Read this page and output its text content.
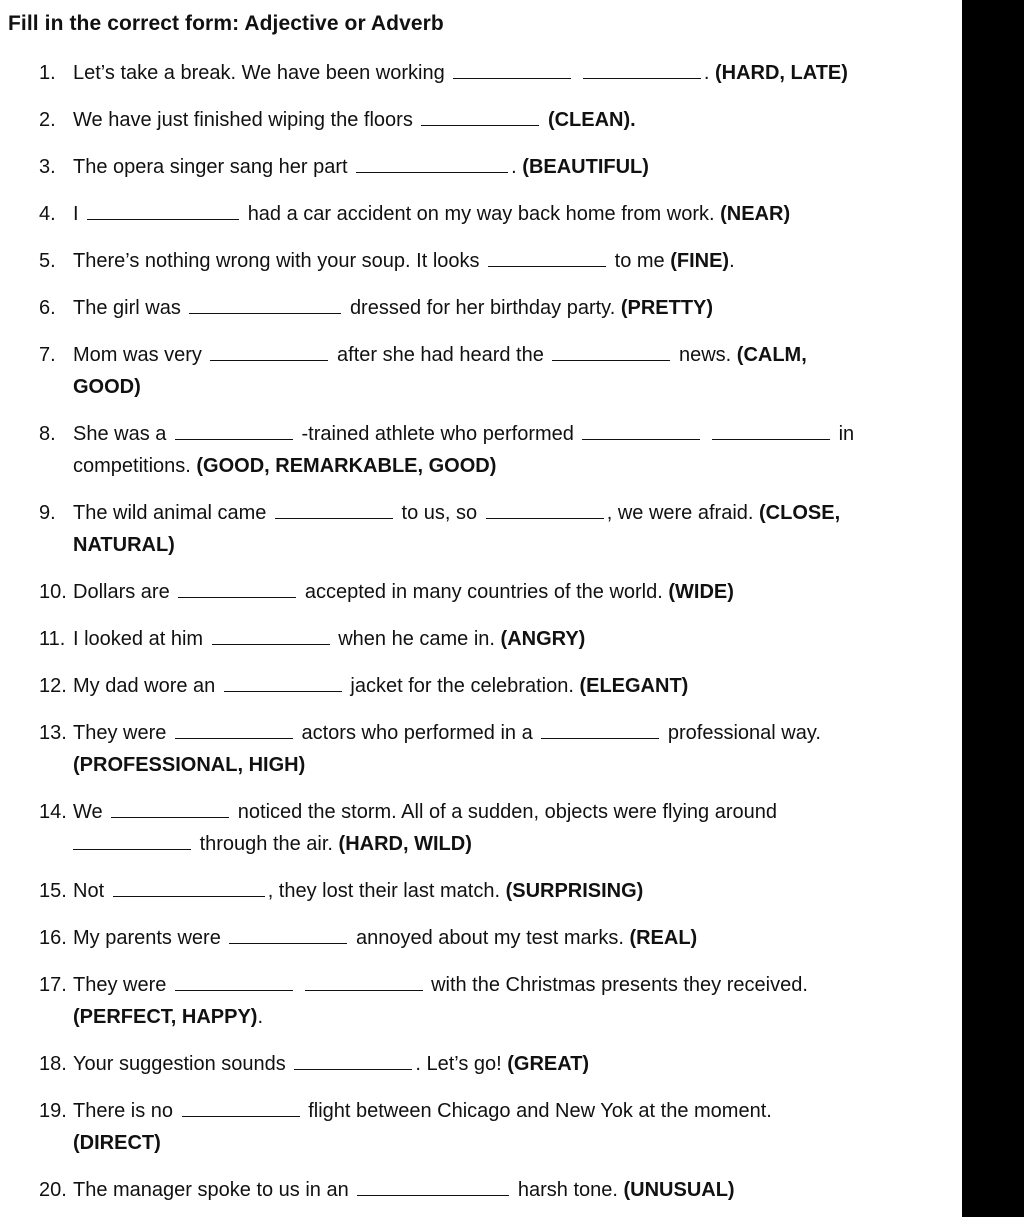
Fill in the correct form: Adjective or Adverb
1. Let’s take a break. We have been working	. (HARD, LATE)
2. We have just finished wiping the floors	(CLEAN).
3. The opera singer sang her part	. (BEAUTIFUL)
4. I	had a car accident on my way back home from work. (NEAR)
5. There’s nothing wrong with your soup. It looks	to me (FINE).
6. The girl was	dressed for her birthday party. (PRETTY)
7. Mom was very	after she had heard the	news. (CALM,
GOOD)
8. She was a	-trained athlete who performed	in
competitions. (GOOD, REMARKABLE, GOOD)
9. The wild animal came	to us, so	, we were afraid. (CLOSE,
NATURAL)
10. Dollars are	accepted in many countries of the world. (WIDE)
11. I looked at him	when he came in. (ANGRY)
12. My dad wore an	jacket for the celebration. (ELEGANT)
13. They were	actors who performed in a	professional way.
(PROFESSIONAL, HIGH)
14. We	noticed the storm. All of a sudden, objects were flying around
through the air. (HARD, WILD)
15. Not	, they lost their last match. (SURPRISING)
16. My parents were	annoyed about my test marks. (REAL)
17. They were	with the Christmas presents they received.
(PERFECT, HAPPY).
18. Your suggestion sounds	. Let’s go! (GREAT)
19. There is no	flight between Chicago and New Yok at the moment.
(DIRECT)
20. The manager spoke to us in an	harsh tone. (UNUSUAL)
